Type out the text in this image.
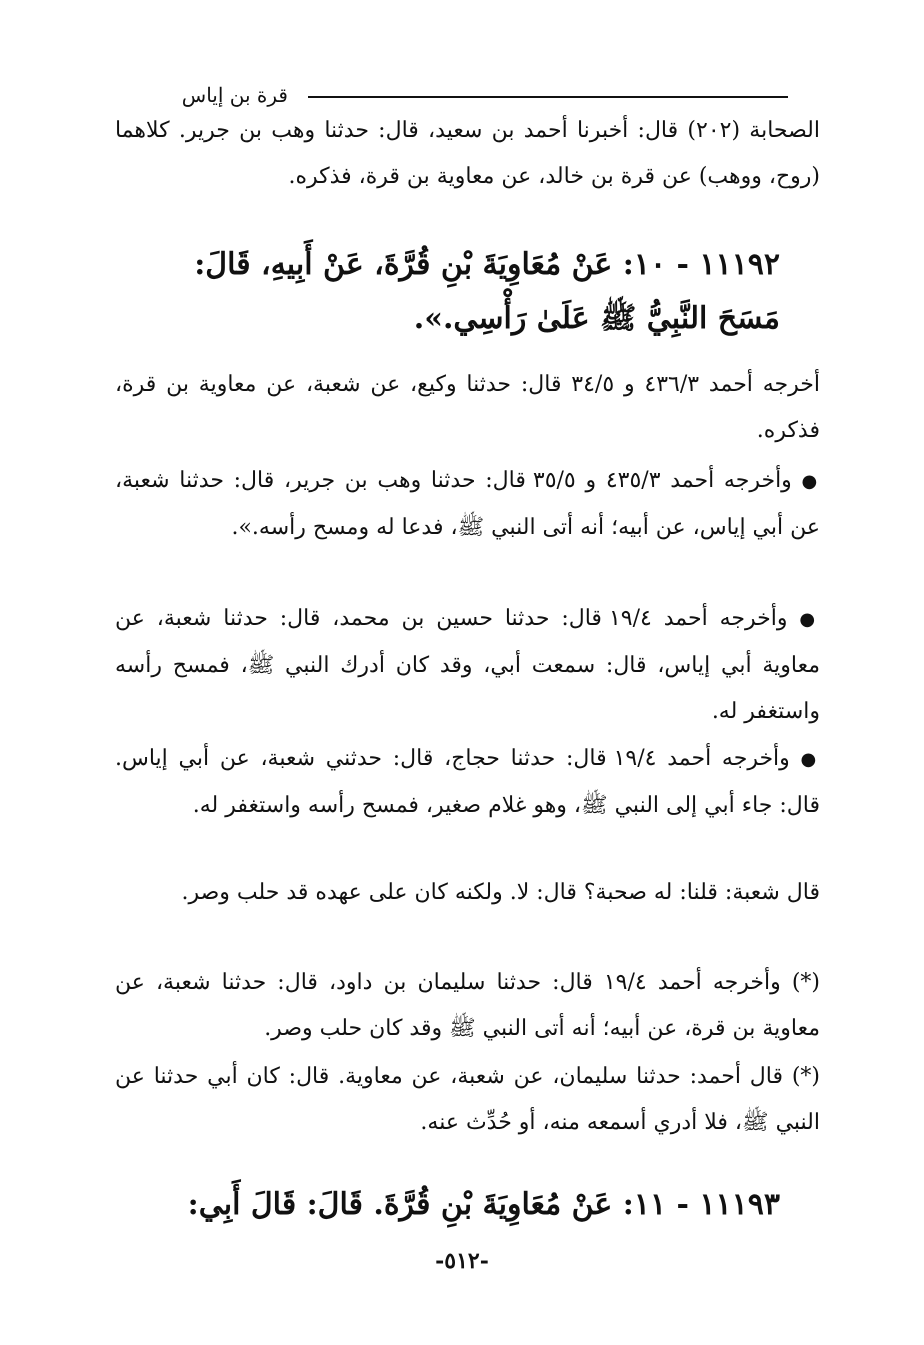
قرة بن إياس

الصحابة (٢٠٢) قال: أخبرنا أحمد بن سعيد، قال: حدثنا وهب بن جرير. كلاهما (روح، ووهب) عن قرة بن خالد، عن معاوية بن قرة، فذكره.

١١١٩٢ - ١٠: عَنْ مُعَاوِيَةَ بْنِ قُرَّةَ، عَنْ أَبِيهِ، قَالَ: مَسَحَ النَّبِيُّ ﷺ عَلَىٰ رَأْسِي.».

أخرجه أحمد ٤٣٦/٣ و ٣٤/٥ قال: حدثنا وكيع، عن شعبة، عن معاوية بن قرة، فذكره.

● وأخرجه أحمد ٤٣٥/٣ و ٣٥/٥ قال: حدثنا وهب بن جرير، قال: حدثنا شعبة، عن أبي إياس، عن أبيه؛ أنه أتى النبي ﷺ، فدعا له ومسح رأسه.».
● وأخرجه أحمد ١٩/٤ قال: حدثنا حسين بن محمد، قال: حدثنا شعبة، عن معاوية أبي إياس، قال: سمعت أبي، وقد كان أدرك النبي ﷺ، فمسح رأسه واستغفر له.
● وأخرجه أحمد ١٩/٤ قال: حدثنا حجاج، قال: حدثني شعبة، عن أبي إياس. قال: جاء أبي إلى النبي ﷺ، وهو غلام صغير، فمسح رأسه واستغفر له.

قال شعبة: قلنا: له صحبة؟ قال: لا. ولكنه كان على عهده قد حلب وصر.

(*) وأخرجه أحمد ١٩/٤ قال: حدثنا سليمان بن داود، قال: حدثنا شعبة، عن معاوية بن قرة، عن أبيه؛ أنه أتى النبي ﷺ وقد كان حلب وصر.

(*) قال أحمد: حدثنا سليمان، عن شعبة، عن معاوية. قال: كان أبي حدثنا عن النبي ﷺ، فلا أدري أسمعه منه، أو حُدِّث عنه.

١١١٩٣ - ١١: عَنْ مُعَاوِيَةَ بْنِ قُرَّةَ. قَالَ: قَالَ أَبِي:

-٥١٢-
